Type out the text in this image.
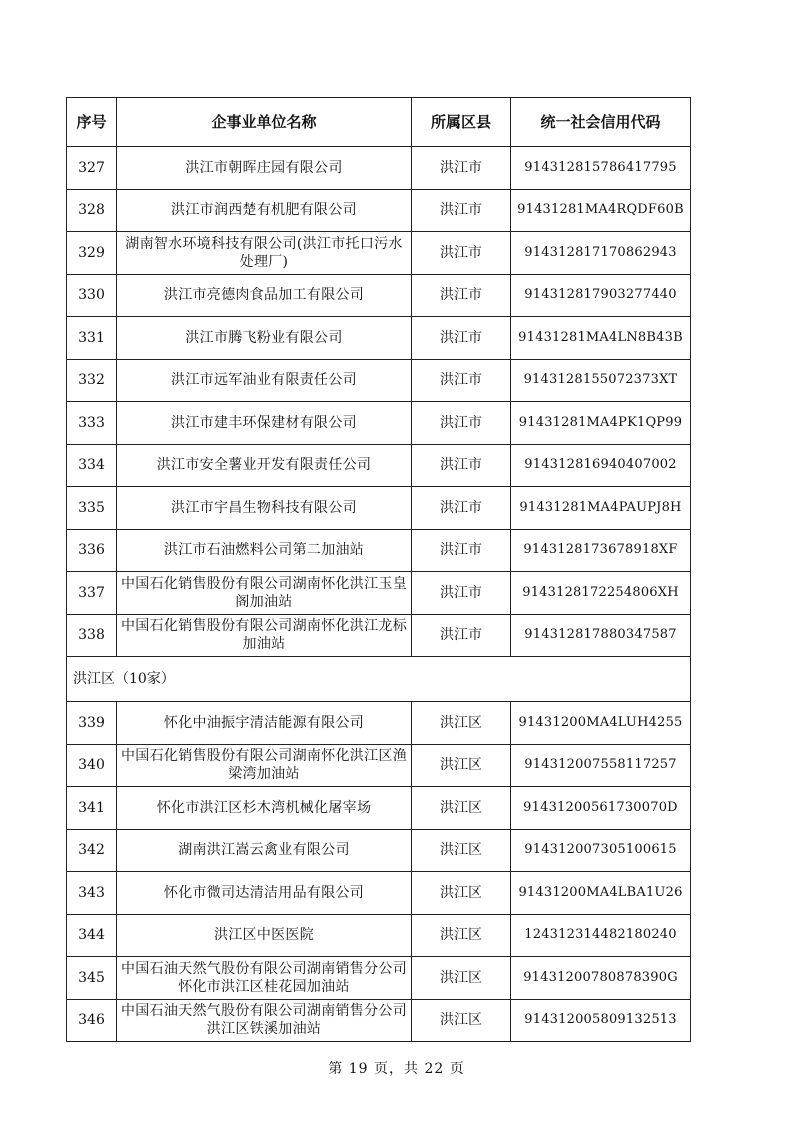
序号	企事业单位名称	所属区县	统一社会信用代码
327	洪江市朝晖庄园有限公司	洪江市	914312815786417795
328	洪江市润西楚有机肥有限公司	洪江市	91431281MA4RQDF60B
329	湖南智水环境科技有限公司(洪江市托口污水处理厂)	洪江市	914312817170862943
330	洪江市亮德肉食品加工有限公司	洪江市	914312817903277440
331	洪江市腾飞粉业有限公司	洪江市	91431281MA4LN8B43B
332	洪江市远军油业有限责任公司	洪江市	9143128155072373XT
333	洪江市建丰环保建材有限公司	洪江市	91431281MA4PK1QP99
334	洪江市安全薯业开发有限责任公司	洪江市	914312816940407002
335	洪江市宇昌生物科技有限公司	洪江市	91431281MA4PAUPJ8H
336	洪江市石油燃料公司第二加油站	洪江市	9143128173678918XF
337	中国石化销售股份有限公司湖南怀化洪江玉皇阁加油站	洪江市	9143128172254806XH
338	中国石化销售股份有限公司湖南怀化洪江龙标加油站	洪江市	914312817880347587
洪江区（10家）			
339	怀化中油振宇清洁能源有限公司	洪江区	91431200MA4LUH4255
340	中国石化销售股份有限公司湖南怀化洪江区渔梁湾加油站	洪江区	914312007558117257
341	怀化市洪江区杉木湾机械化屠宰场	洪江区	91431200561730070D
342	湖南洪江嵩云禽业有限公司	洪江区	914312007305100615
343	怀化市微司达清洁用品有限公司	洪江区	91431200MA4LBA1U26
344	洪江区中医医院	洪江区	124312314482180240
345	中国石油天然气股份有限公司湖南销售分公司怀化市洪江区桂花园加油站	洪江区	91431200780878390G
346	中国石油天然气股份有限公司湖南销售分公司洪江区铁溪加油站	洪江区	914312005809132513
第 19 页，共 22 页
